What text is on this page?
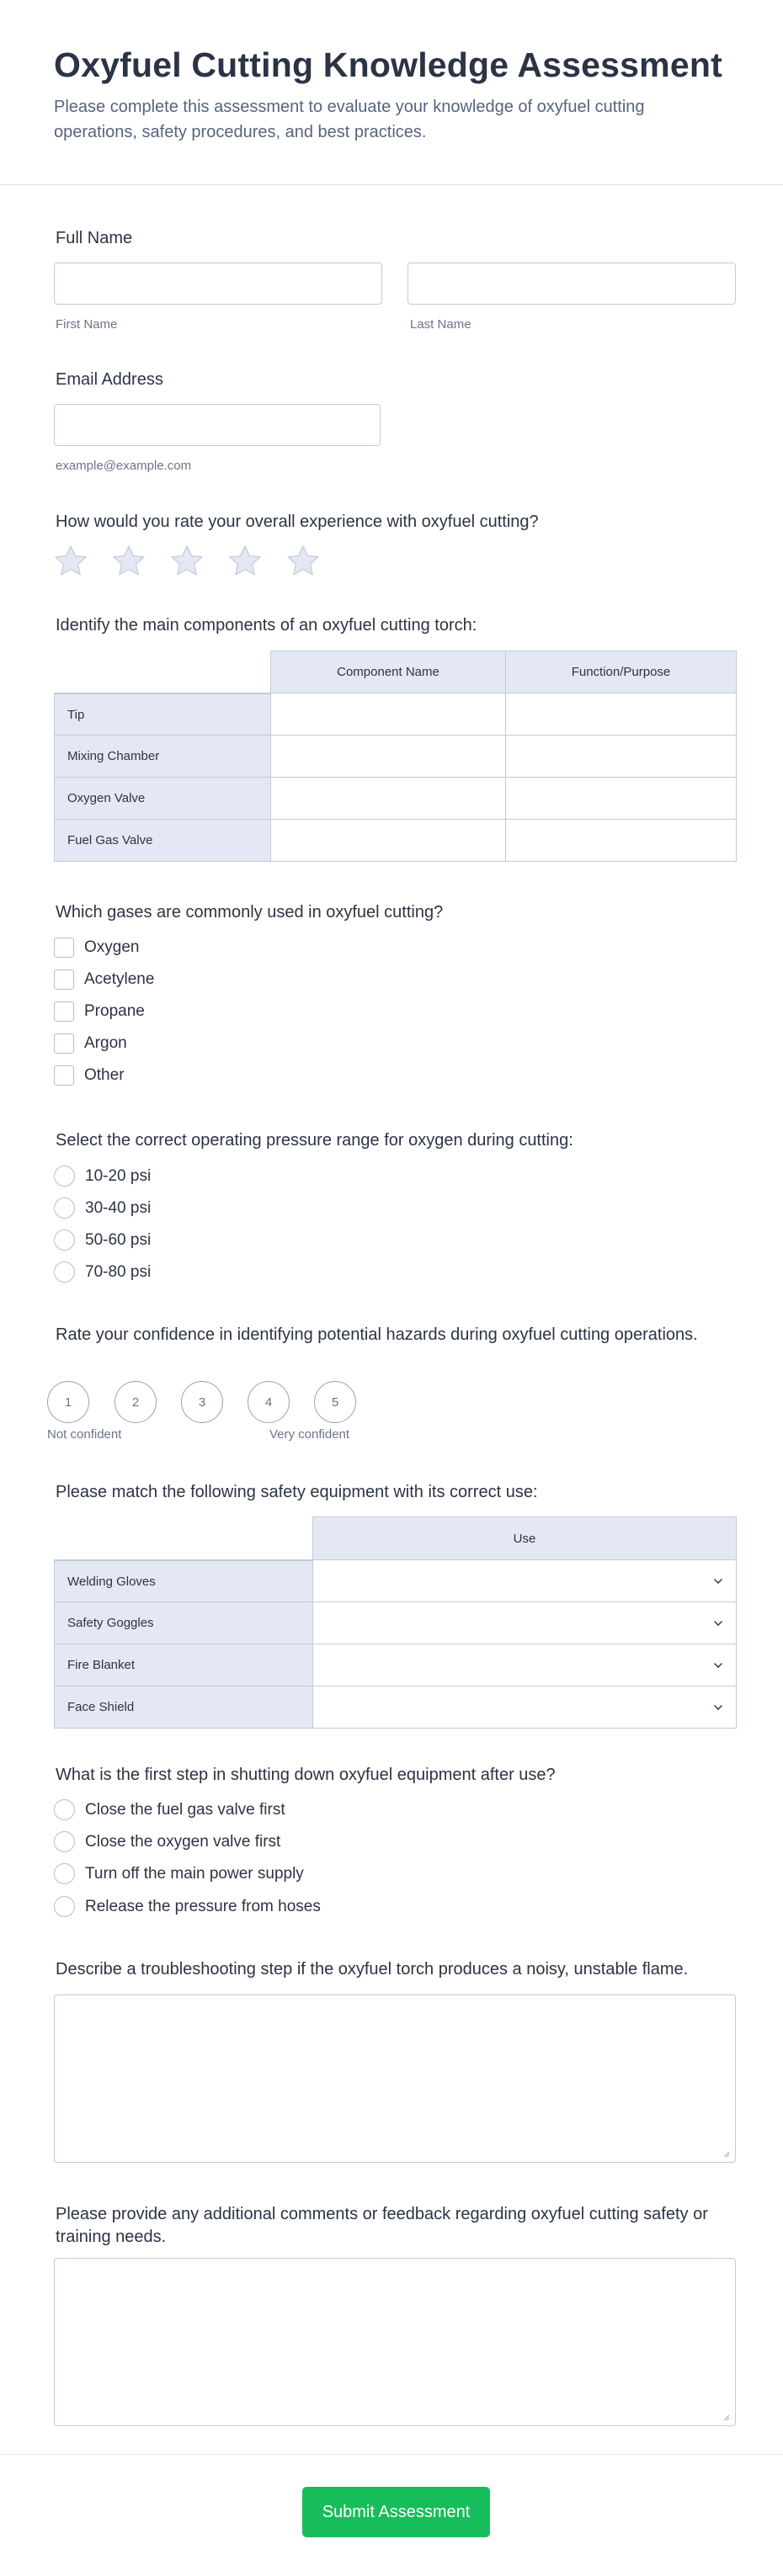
Oxyfuel Cutting Knowledge Assessment

Please complete this assessment to evaluate your knowledge of oxyfuel cutting operations, safety procedures, and best practices.

Full Name
First Name	Last Name
Email Address
example@example.com
How would you rate your overall experience with oxyfuel cutting?
Identify the main components of an oxyfuel cutting torch:
	Component Name	Function/Purpose
Tip		
Mixing Chamber		
Oxygen Valve		
Fuel Gas Valve		
Which gases are commonly used in oxyfuel cutting?
Oxygen
Acetylene
Propane
Argon
Other
Select the correct operating pressure range for oxygen during cutting:
10-20 psi
30-40 psi
50-60 psi
70-80 psi
Rate your confidence in identifying potential hazards during oxyfuel cutting operations.
1	2	3	4	5
Not confident	Very confident
Please match the following safety equipment with its correct use:
	Use
Welding Gloves	

Safety Goggles	

Fire Blanket	

Face Shield	
What is the first step in shutting down oxyfuel equipment after use?
Close the fuel gas valve first
Close the oxygen valve first
Turn off the main power supply
Release the pressure from hoses
Describe a troubleshooting step if the oxyfuel torch produces a noisy, unstable flame.
Please provide any additional comments or feedback regarding oxyfuel cutting safety or training needs.
Submit Assessment
